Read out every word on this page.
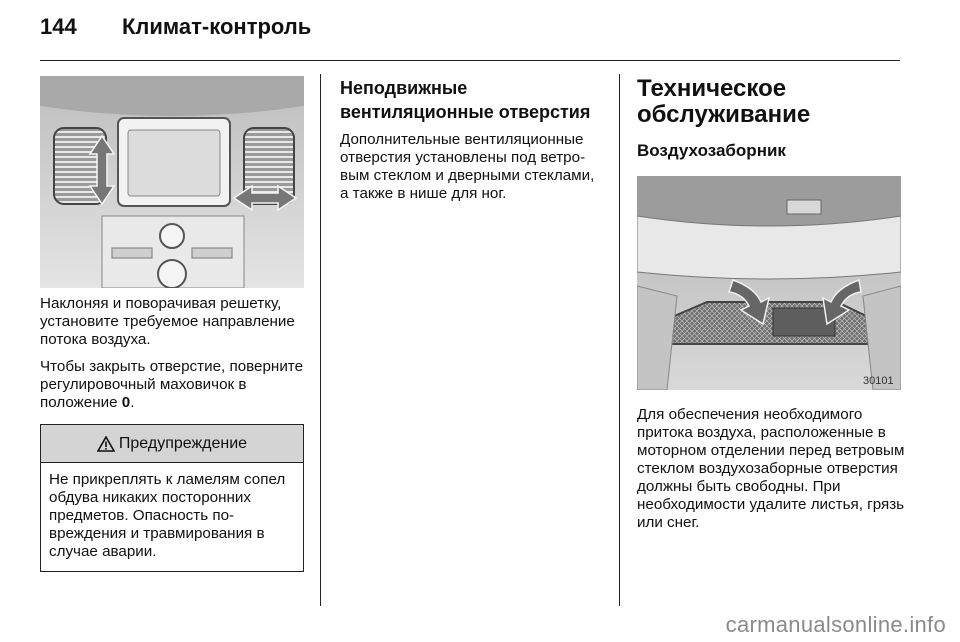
144	Климат-контроль

Наклоняя и поворачивая решетку, установите требуемое направление потока воздуха.

Чтобы закрыть отверстие, поверните регулировочный маховичок в положение 0.

Предупреждение
Не прикреплять к ламелям сопел обдува никаких посторонних предметов. Опасность повреждения и травмирования в случае аварии.
Неподвижные вентиляционные отверстия

Дополнительные вентиляционные отверстия установлены под ветровым стеклом и дверными стеклами, а также в нише для ног.

Техническое обслуживание
Воздухозаборник
30101

Для обеспечения необходимого притока воздуха, расположенные в моторном отделении перед ветровым стеклом воздухозаборные отверстия должны быть свободны. При необходимости удалите листья, грязь или снег.

carmanualsonline.info
